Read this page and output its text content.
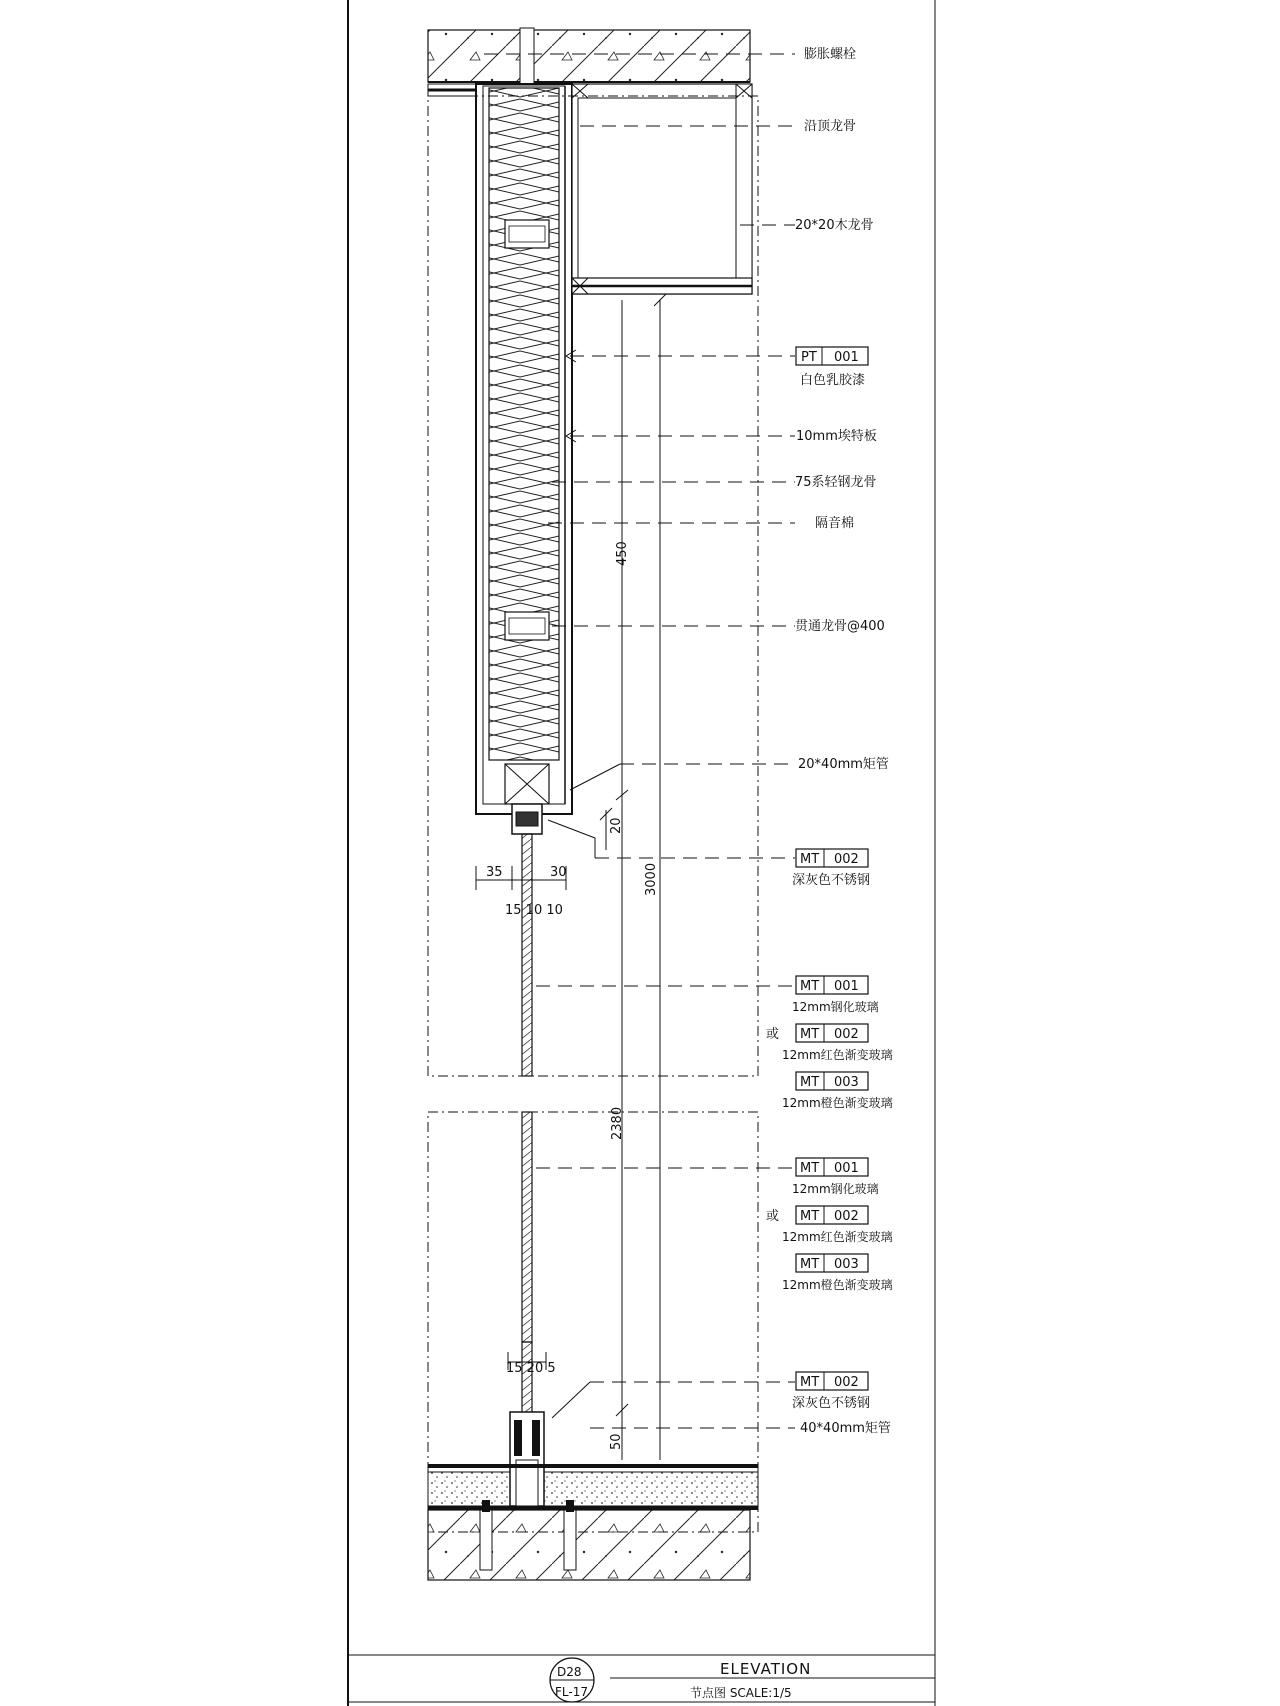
膨胀螺栓
沿顶龙骨
20*20木龙骨
PT 001
白色乳胶漆
10mm埃特板
75系轻钢龙骨
隔音棉
贯通龙骨@400
20*40mm矩管
MT 002
深灰色不锈钢
MT 001
12mm钢化玻璃
或 MT 002
12mm红色渐变玻璃
MT 003
12mm橙色渐变玻璃
MT 001
12mm钢化玻璃
或 MT 002
12mm红色渐变玻璃
MT 003
12mm橙色渐变玻璃
MT 002
深灰色不锈钢
40*40mm矩管
35	30
15 10 10
450
20
3000
2380
15 20 5
50
D28
FL-17
ELEVATION
节点图 SCALE:1/5
